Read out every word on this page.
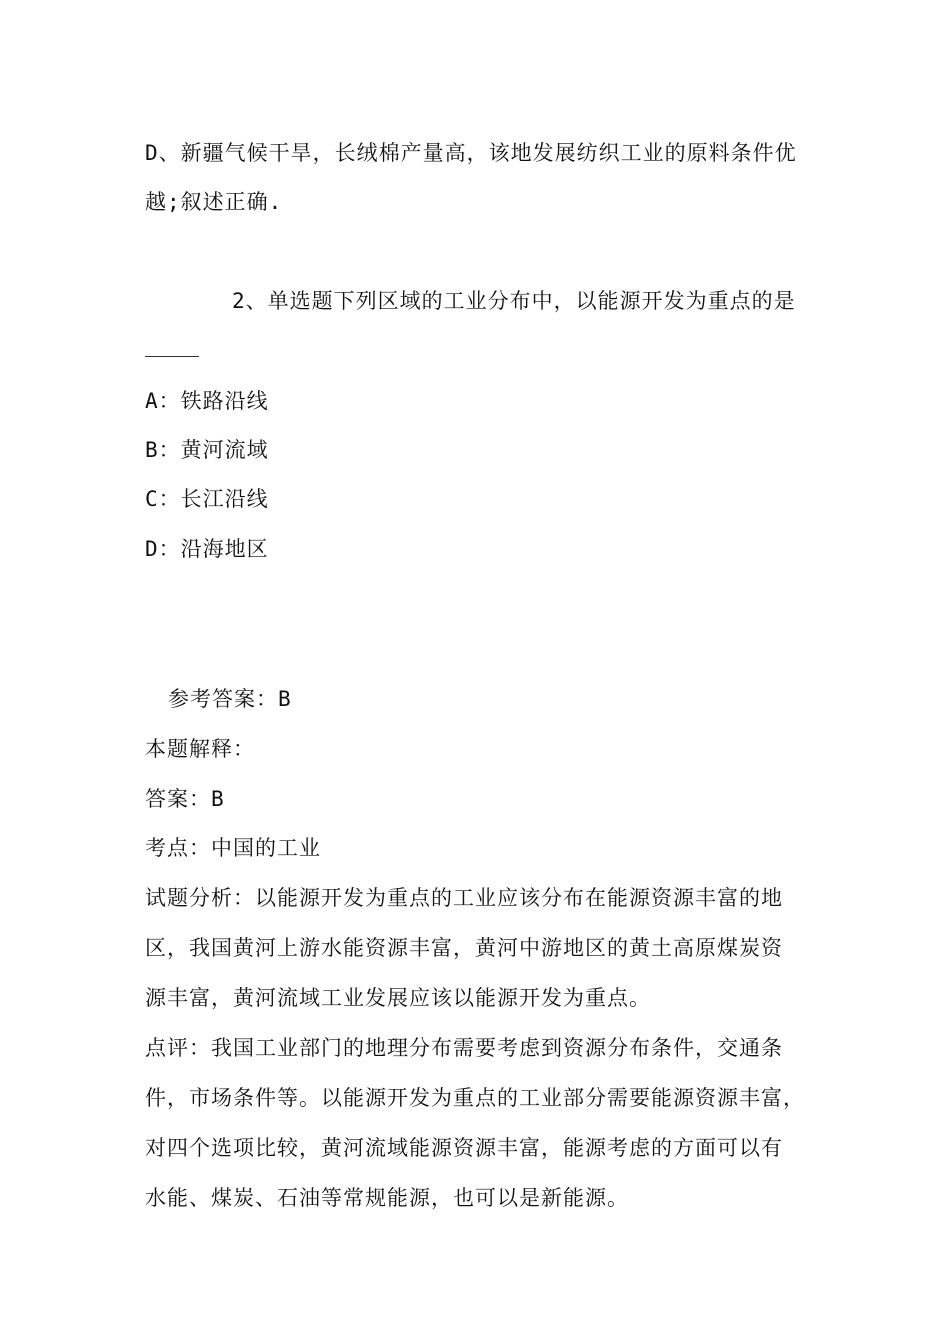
D、新疆气候干旱，长绒棉产量高，该地发展纺织工业的原料条件优
越;叙述正确.
2、单选题下列区域的工业分布中，以能源开发为重点的是
A：铁路沿线
B：黄河流域
C：长江沿线
D：沿海地区
参考答案：B
本题解释：
答案：B
考点：中国的工业
试题分析：以能源开发为重点的工业应该分布在能源资源丰富的地
区，我国黄河上游水能资源丰富，黄河中游地区的黄土高原煤炭资
源丰富，黄河流域工业发展应该以能源开发为重点。
点评：我国工业部门的地理分布需要考虑到资源分布条件，交通条
件，市场条件等。以能源开发为重点的工业部分需要能源资源丰富，
对四个选项比较，黄河流域能源资源丰富，能源考虑的方面可以有
水能、煤炭、石油等常规能源，也可以是新能源。
